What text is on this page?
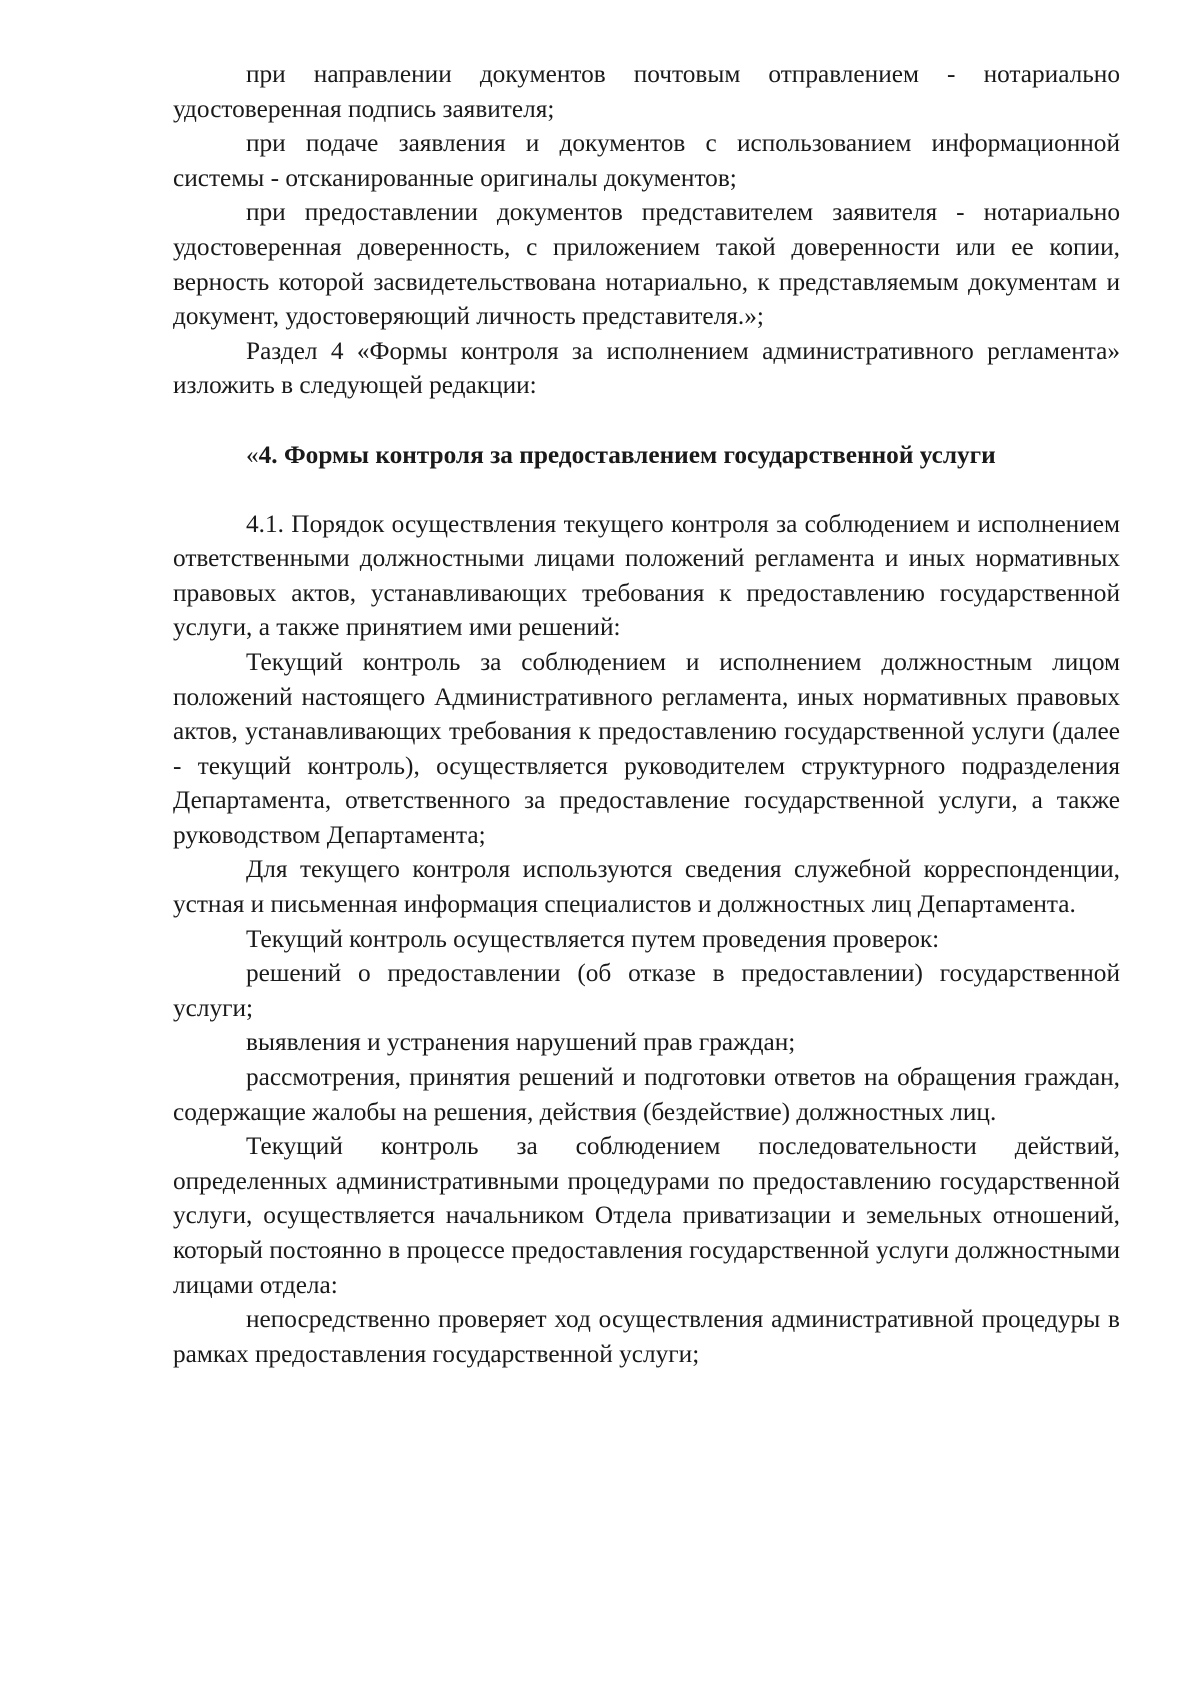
при направлении документов почтовым отправлением - нотариально удостоверенная подпись заявителя;

при подаче заявления и документов с использованием информационной системы - отсканированные оригиналы документов;

при предоставлении документов представителем заявителя - нотариально удостоверенная доверенность, с приложением такой доверенности или ее копии, верность которой засвидетельствована нотариально, к представляемым документам и документ, удостоверяющий личность представителя.»;

Раздел 4 «Формы контроля за исполнением административного регламента» изложить в следующей редакции:

«4. Формы контроля за предоставлением государственной услуги

4.1. Порядок осуществления текущего контроля за соблюдением и исполнением ответственными должностными лицами положений регламента и иных нормативных правовых актов, устанавливающих требования к предоставлению государственной услуги, а также принятием ими решений:

Текущий контроль за соблюдением и исполнением должностным лицом положений настоящего Административного регламента, иных нормативных правовых актов, устанавливающих требования к предоставлению государственной услуги (далее - текущий контроль), осуществляется руководителем структурного подразделения Департамента, ответственного за предоставление государственной услуги, а также руководством Департамента;

Для текущего контроля используются сведения служебной корреспонденции, устная и письменная информация специалистов и должностных лиц Департамента.

Текущий контроль осуществляется путем проведения проверок:

решений о предоставлении (об отказе в предоставлении) государственной услуги;

выявления и устранения нарушений прав граждан;

рассмотрения, принятия решений и подготовки ответов на обращения граждан, содержащие жалобы на решения, действия (бездействие) должностных лиц.

Текущий контроль за соблюдением последовательности действий, определенных административными процедурами по предоставлению государственной услуги, осуществляется начальником Отдела приватизации и земельных отношений, который постоянно в процессе предоставления государственной услуги должностными лицами отдела:

непосредственно проверяет ход осуществления административной процедуры в рамках предоставления государственной услуги;
